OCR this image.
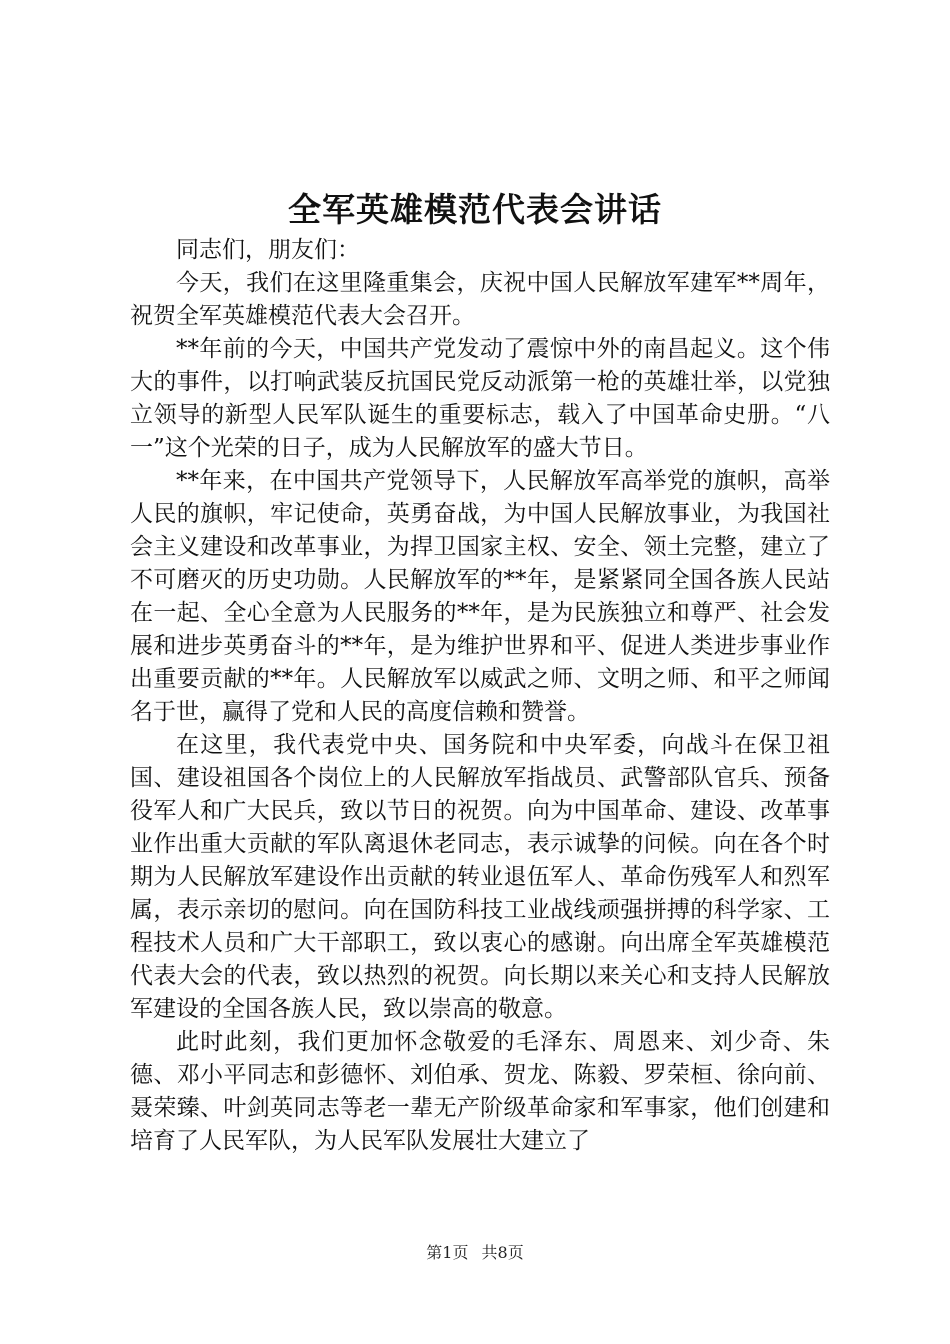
全军英雄模范代表会讲话

同志们，朋友们：

今天，我们在这里隆重集会，庆祝中国人民解放军建军**周年，祝贺全军英雄模范代表大会召开。

**年前的今天，中国共产党发动了震惊中外的南昌起义。这个伟大的事件，以打响武装反抗国民党反动派第一枪的英雄壮举，以党独立领导的新型人民军队诞生的重要标志，载入了中国革命史册。“八一”这个光荣的日子，成为人民解放军的盛大节日。

**年来，在中国共产党领导下，人民解放军高举党的旗帜，高举人民的旗帜，牢记使命，英勇奋战，为中国人民解放事业，为我国社会主义建设和改革事业，为捍卫国家主权、安全、领土完整，建立了不可磨灭的历史功勋。人民解放军的**年，是紧紧同全国各族人民站在一起、全心全意为人民服务的**年，是为民族独立和尊严、社会发展和进步英勇奋斗的**年，是为维护世界和平、促进人类进步事业作出重要贡献的**年。人民解放军以威武之师、文明之师、和平之师闻名于世，赢得了党和人民的高度信赖和赞誉。

在这里，我代表党中央、国务院和中央军委，向战斗在保卫祖国、建设祖国各个岗位上的人民解放军指战员、武警部队官兵、预备役军人和广大民兵，致以节日的祝贺。向为中国革命、建设、改革事业作出重大贡献的军队离退休老同志，表示诚挚的问候。向在各个时期为人民解放军建设作出贡献的转业退伍军人、革命伤残军人和烈军属，表示亲切的慰问。向在国防科技工业战线顽强拼搏的科学家、工程技术人员和广大干部职工，致以衷心的感谢。向出席全军英雄模范代表大会的代表，致以热烈的祝贺。向长期以来关心和支持人民解放军建设的全国各族人民，致以崇高的敬意。

此时此刻，我们更加怀念敬爱的毛泽东、周恩来、刘少奇、朱德、邓小平同志和彭德怀、刘伯承、贺龙、陈毅、罗荣桓、徐向前、聂荣臻、叶剑英同志等老一辈无产阶级革命家和军事家，他们创建和培育了人民军队，为人民军队发展壮大建立了

第1页 共8页
